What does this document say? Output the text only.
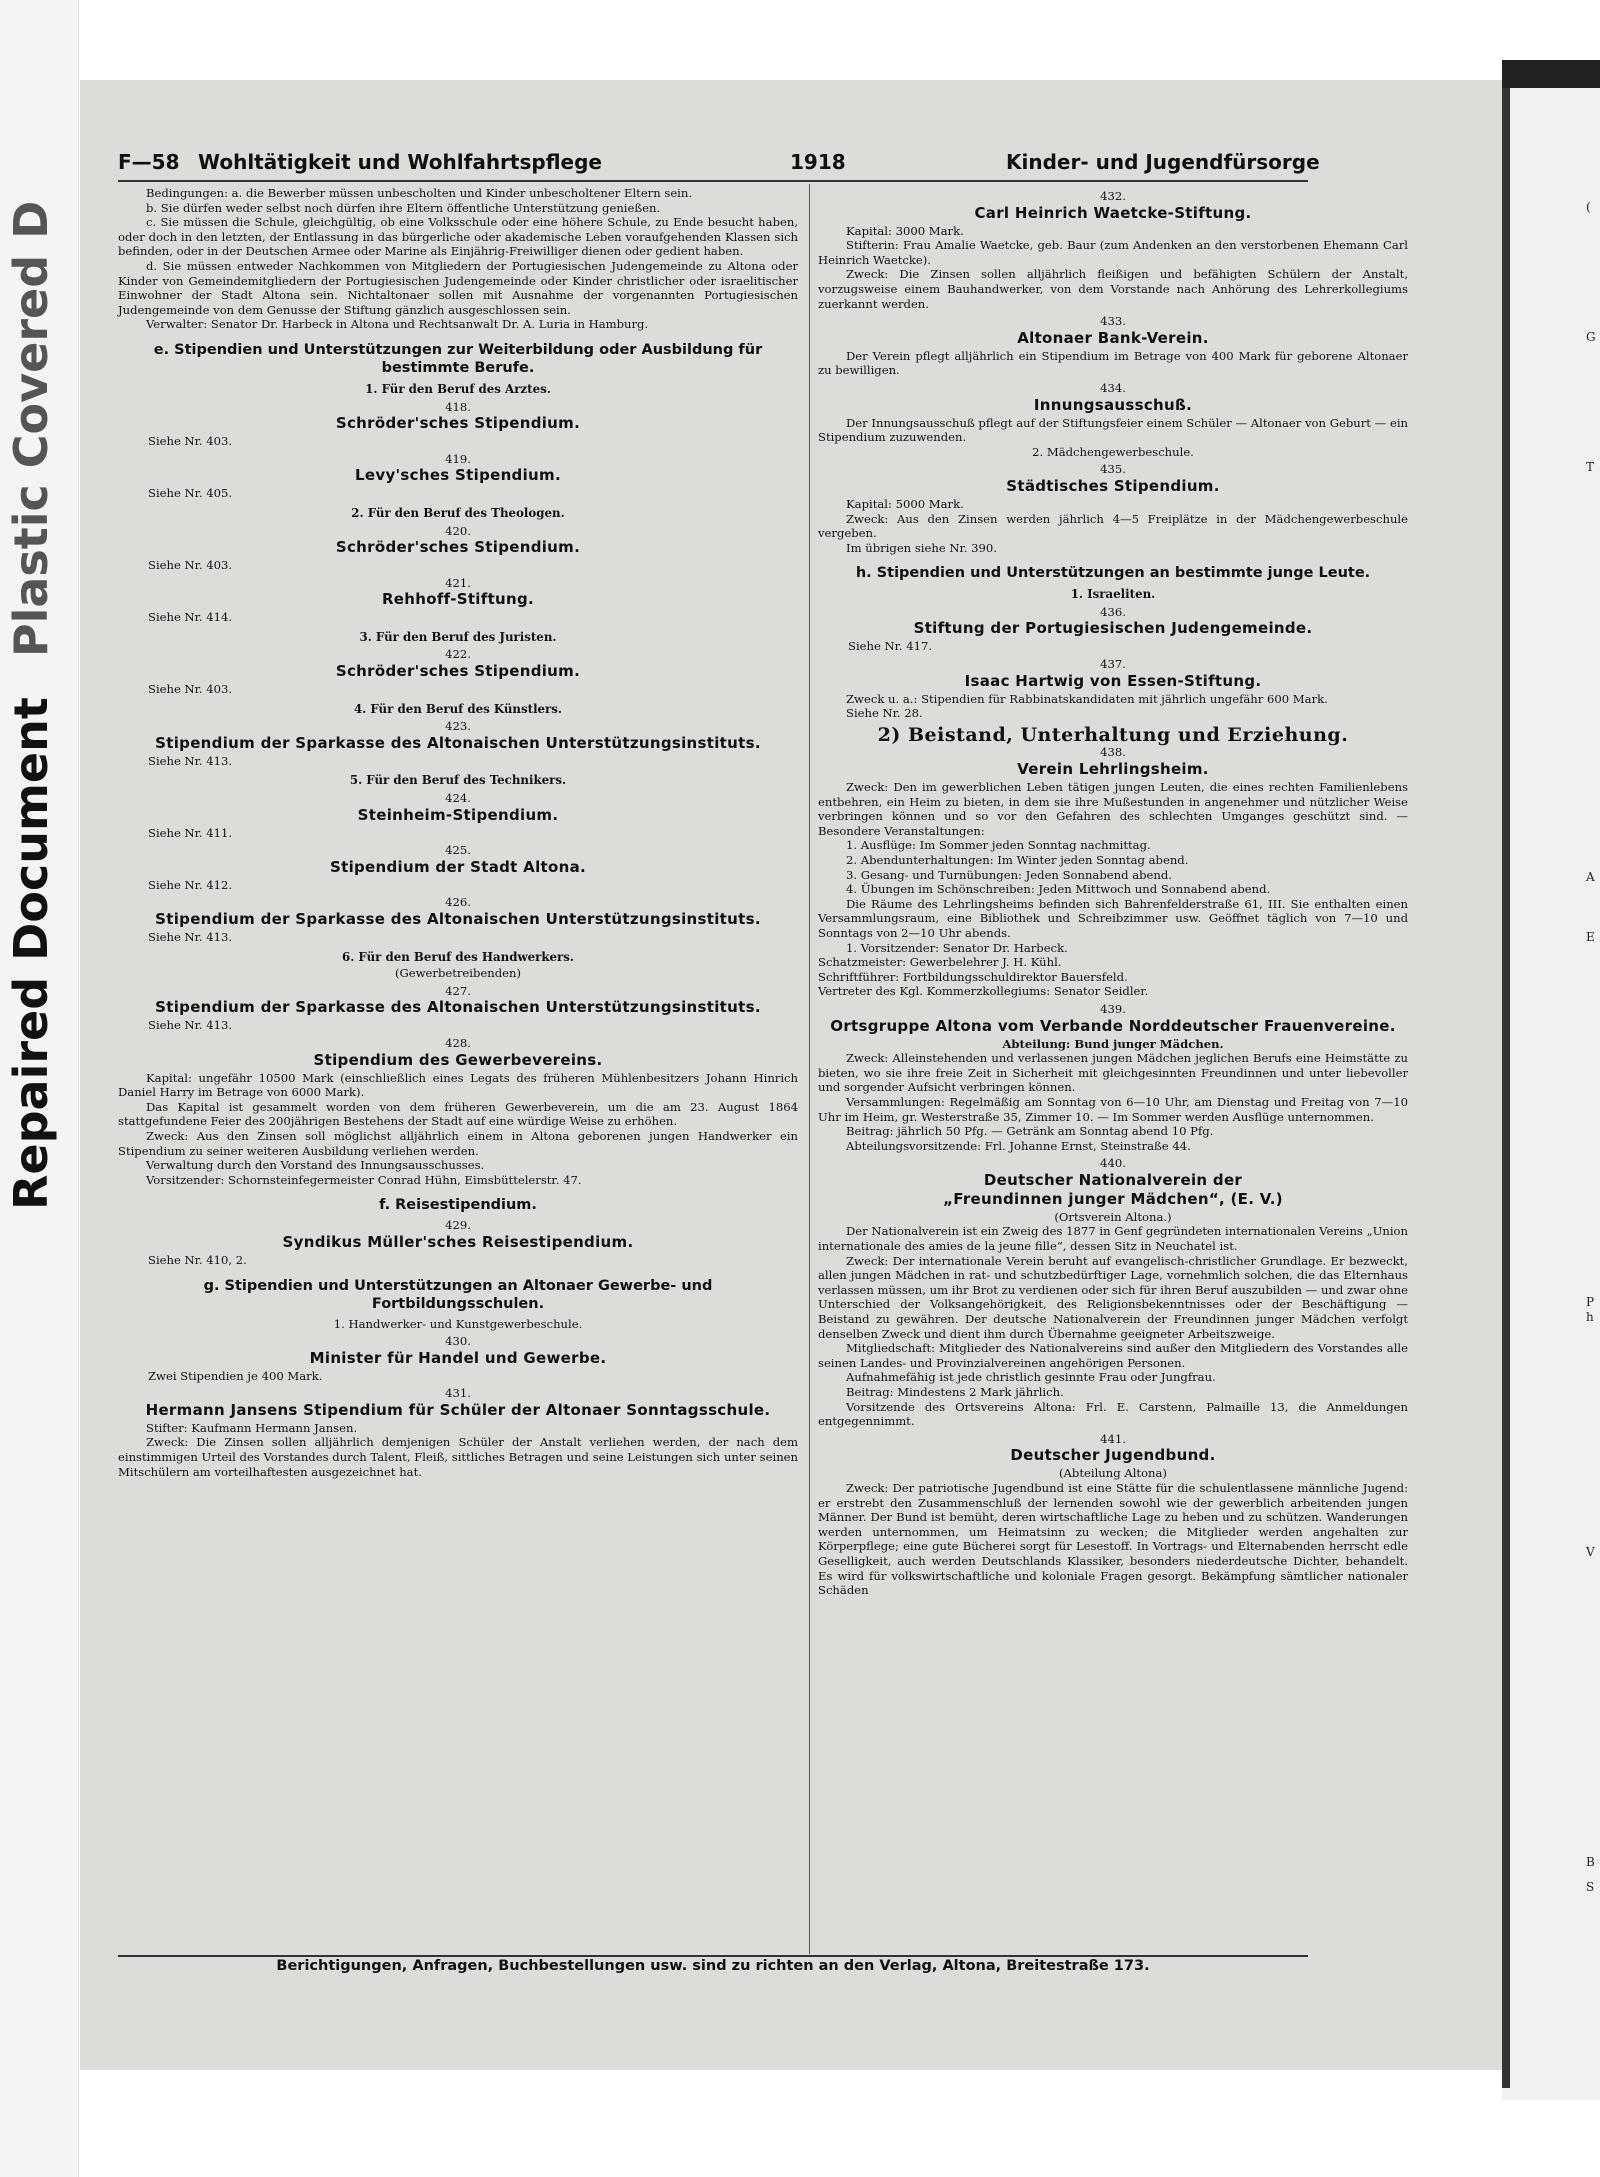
Repaired DocumentPlastic Covered D	(
G
T
P
h
A
E
V
B
S
F—58 Wohltätigkeit und Wohlfahrtspflege	1918	Kinder- und Jugendfürsorge

Bedingungen: a. die Bewerber müssen unbescholten und Kinder unbescholtener Eltern sein.

b. Sie dürfen weder selbst noch dürfen ihre Eltern öffentliche Unterstützung genießen.

c. Sie müssen die Schule, gleichgültig, ob eine Volksschule oder eine höhere Schule, zu Ende besucht haben, oder doch in den letzten, der Entlassung in das bürgerliche oder akademische Leben voraufgehenden Klassen sich befinden, oder in der Deutschen Armee oder Marine als Einjährig-Freiwilliger dienen oder gedient haben.

d. Sie müssen entweder Nachkommen von Mitgliedern der Portugiesischen Judengemeinde zu Altona oder Kinder von Gemeindemitgliedern der Portugiesischen Judengemeinde oder Kinder christlicher oder israelitischer Einwohner der Stadt Altona sein. Nichtaltonaer sollen mit Ausnahme der vorgenannten Portugiesischen Judengemeinde von dem Genusse der Stiftung gänzlich ausgeschlossen sein.

Verwalter: Senator Dr. Harbeck in Altona und Rechtsanwalt Dr. A. Luria in Hamburg.

e. Stipendien und Unterstützungen zur Weiterbildung oder Ausbildung für bestimmte Berufe.
1. Für den Beruf des Arztes.
418.
Schröder'sches Stipendium.
Siehe Nr. 403.
419.
Levy'sches Stipendium.
Siehe Nr. 405.
2. Für den Beruf des Theologen.
420.
Schröder'sches Stipendium.
Siehe Nr. 403.
421.
Rehhoff-Stiftung.
Siehe Nr. 414.
3. Für den Beruf des Juristen.
422.
Schröder'sches Stipendium.
Siehe Nr. 403.
4. Für den Beruf des Künstlers.
423.
Stipendium der Sparkasse des Altonaischen Unterstützungsinstituts.
Siehe Nr. 413.
5. Für den Beruf des Technikers.
424.
Steinheim-Stipendium.
Siehe Nr. 411.
425.
Stipendium der Stadt Altona.
Siehe Nr. 412.
426.
Stipendium der Sparkasse des Altonaischen Unterstützungsinstituts.
Siehe Nr. 413.
6. Für den Beruf des Handwerkers.
(Gewerbetreibenden)
427.
Stipendium der Sparkasse des Altonaischen Unterstützungsinstituts.
Siehe Nr. 413.
428.
Stipendium des Gewerbevereins.

Kapital: ungefähr 10500 Mark (einschließlich eines Legats des früheren Mühlenbesitzers Johann Hinrich Daniel Harry im Betrage von 6000 Mark).

Das Kapital ist gesammelt worden von dem früheren Gewerbeverein, um die am 23. August 1864 stattgefundene Feier des 200jährigen Bestehens der Stadt auf eine würdige Weise zu erhöhen.

Zweck: Aus den Zinsen soll möglichst alljährlich einem in Altona geborenen jungen Handwerker ein Stipendium zu seiner weiteren Ausbildung verliehen werden.

Verwaltung durch den Vorstand des Innungsausschusses.

Vorsitzender: Schornsteinfegermeister Conrad Hühn, Eimsbüttelerstr. 47.

f. Reisestipendium.
429.
Syndikus Müller'sches Reisestipendium.
Siehe Nr. 410, 2.
g. Stipendien und Unterstützungen an Altonaer Gewerbe- und Fortbildungsschulen.
1. Handwerker- und Kunstgewerbeschule.
430.
Minister für Handel und Gewerbe.
Zwei Stipendien je 400 Mark.
431.
Hermann Jansens Stipendium für Schüler der Altonaer Sonntagsschule.

Stifter: Kaufmann Hermann Jansen.

Zweck: Die Zinsen sollen alljährlich demjenigen Schüler der Anstalt verliehen werden, der nach dem einstimmigen Urteil des Vorstandes durch Talent, Fleiß, sittliches Betragen und seine Leistungen sich unter seinen Mitschülern am vorteilhaftesten ausgezeichnet hat.

432.
Carl Heinrich Waetcke-Stiftung.

Kapital: 3000 Mark.

Stifterin: Frau Amalie Waetcke, geb. Baur (zum Andenken an den verstorbenen Ehemann Carl Heinrich Waetcke).

Zweck: Die Zinsen sollen alljährlich fleißigen und befähigten Schülern der Anstalt, vorzugsweise einem Bauhandwerker, von dem Vorstande nach Anhörung des Lehrerkollegiums zuerkannt werden.

433.
Altonaer Bank-Verein.

Der Verein pflegt alljährlich ein Stipendium im Betrage von 400 Mark für geborene Altonaer zu bewilligen.

434.
Innungsausschuß.

Der Innungsausschuß pflegt auf der Stiftungsfeier einem Schüler — Altonaer von Geburt — ein Stipendium zuzuwenden.

2. Mädchengewerbeschule.
435.
Städtisches Stipendium.

Kapital: 5000 Mark.

Zweck: Aus den Zinsen werden jährlich 4—5 Freiplätze in der Mädchengewerbeschule vergeben.

Im übrigen siehe Nr. 390.

h. Stipendien und Unterstützungen an bestimmte junge Leute.
1. Israeliten.
436.
Stiftung der Portugiesischen Judengemeinde.
Siehe Nr. 417.
437.
Isaac Hartwig von Essen-Stiftung.

Zweck u. a.: Stipendien für Rabbinatskandidaten mit jährlich ungefähr 600 Mark.

Siehe Nr. 28.

2) Beistand, Unterhaltung und Erziehung.
438.
Verein Lehrlingsheim.

Zweck: Den im gewerblichen Leben tätigen jungen Leuten, die eines rechten Familienlebens entbehren, ein Heim zu bieten, in dem sie ihre Mußestunden in angenehmer und nützlicher Weise verbringen können und so vor den Gefahren des schlechten Umganges geschützt sind. — Besondere Veranstaltungen:

1. Ausflüge: Im Sommer jeden Sonntag nachmittag.

2. Abendunterhaltungen: Im Winter jeden Sonntag abend.

3. Gesang- und Turnübungen: Jeden Sonnabend abend.

4. Übungen im Schönschreiben: Jeden Mittwoch und Sonnabend abend.

Die Räume des Lehrlingsheims befinden sich Bahrenfelderstraße 61, III. Sie enthalten einen Versammlungsraum, eine Bibliothek und Schreibzimmer usw. Geöffnet täglich von 7—10 und Sonntags von 2—10 Uhr abends.

1. Vorsitzender: Senator Dr. Harbeck.

Schatzmeister: Gewerbelehrer J. H. Kühl.

Schriftführer: Fortbildungsschuldirektor Bauersfeld.

Vertreter des Kgl. Kommerzkollegiums: Senator Seidler.

439.
Ortsgruppe Altona vom Verbande Norddeutscher Frauenvereine.
Abteilung: Bund junger Mädchen.

Zweck: Alleinstehenden und verlassenen jungen Mädchen jeglichen Berufs eine Heimstätte zu bieten, wo sie ihre freie Zeit in Sicherheit mit gleichgesinnten Freundinnen und unter liebevoller und sorgender Aufsicht verbringen können.

Versammlungen: Regelmäßig am Sonntag von 6—10 Uhr, am Dienstag und Freitag von 7—10 Uhr im Heim, gr. Westerstraße 35, Zimmer 10. — Im Sommer werden Ausflüge unternommen.

Beitrag: jährlich 50 Pfg. — Getränk am Sonntag abend 10 Pfg.

Abteilungsvorsitzende: Frl. Johanne Ernst, Steinstraße 44.

440.
Deutscher Nationalverein der
„Freundinnen junger Mädchen“, (E. V.)
(Ortsverein Altona.)

Der Nationalverein ist ein Zweig des 1877 in Genf gegründeten internationalen Vereins „Union internationale des amies de la jeune fille“, dessen Sitz in Neuchatel ist.

Zweck: Der internationale Verein beruht auf evangelisch-christlicher Grundlage. Er bezweckt, allen jungen Mädchen in rat- und schutzbedürftiger Lage, vornehmlich solchen, die das Elternhaus verlassen müssen, um ihr Brot zu verdienen oder sich für ihren Beruf auszubilden — und zwar ohne Unterschied der Volksangehörigkeit, des Religionsbekenntnisses oder der Beschäftigung — Beistand zu gewähren. Der deutsche Nationalverein der Freundinnen junger Mädchen verfolgt denselben Zweck und dient ihm durch Übernahme geeigneter Arbeitszweige.

Mitgliedschaft: Mitglieder des Nationalvereins sind außer den Mitgliedern des Vorstandes alle seinen Landes- und Provinzialvereinen angehörigen Personen.

Aufnahmefähig ist jede christlich gesinnte Frau oder Jungfrau.

Beitrag: Mindestens 2 Mark jährlich.

Vorsitzende des Ortsvereins Altona: Frl. E. Carstenn, Palmaille 13, die Anmeldungen entgegennimmt.

441.
Deutscher Jugendbund.
(Abteilung Altona)

Zweck: Der patriotische Jugendbund ist eine Stätte für die schulentlassene männliche Jugend: er erstrebt den Zusammenschluß der lernenden sowohl wie der gewerblich arbeitenden jungen Männer. Der Bund ist bemüht, deren wirtschaftliche Lage zu heben und zu schützen. Wanderungen werden unternommen, um Heimatsinn zu wecken; die Mitglieder werden angehalten zur Körperpflege; eine gute Bücherei sorgt für Lesestoff. In Vortrags- und Elternabenden herrscht edle Geselligkeit, auch werden Deutschlands Klassiker, besonders niederdeutsche Dichter, behandelt. Es wird für volkswirtschaftliche und koloniale Fragen gesorgt. Bekämpfung sämtlicher nationaler Schäden

Berichtigungen, Anfragen, Buchbestellungen usw. sind zu richten an den Verlag, Altona, Breitestraße 173.
